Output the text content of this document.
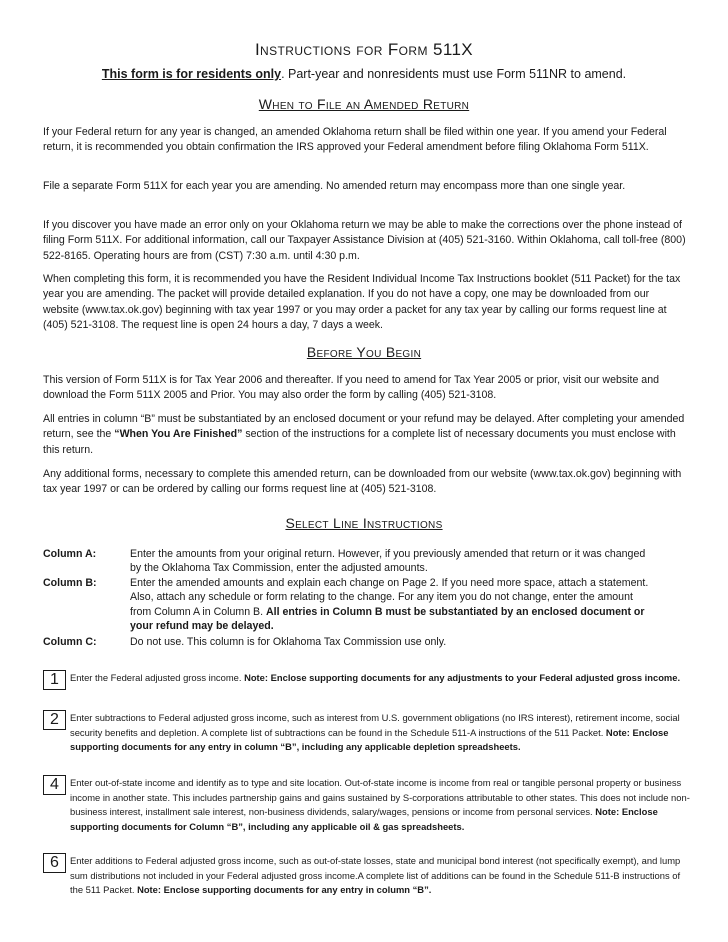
Instructions for Form 511X
This form is for residents only. Part-year and nonresidents must use Form 511NR to amend.
When to File an Amended Return
If your Federal return for any year is changed, an amended Oklahoma return shall be filed within one year. If you amend your Federal return, it is recommended you obtain confirmation the IRS approved your Federal amendment before filing Oklahoma Form 511X.
File a separate Form 511X for each year you are amending. No amended return may encompass more than one single year.
If you discover you have made an error only on your Oklahoma return we may be able to make the corrections over the phone instead of filing Form 511X. For additional information, call our Taxpayer Assistance Division at (405) 521-3160. Within Oklahoma, call toll-free (800) 522-8165. Operating hours are from (CST) 7:30 a.m. until 4:30 p.m.
When completing this form, it is recommended you have the Resident Individual Income Tax Instructions booklet (511 Packet) for the tax year you are amending. The packet will provide detailed explanation. If you do not have a copy, one may be downloaded from our website (www.tax.ok.gov) beginning with tax year 1997 or you may order a packet for any tax year by calling our forms request line at (405) 521-3108. The request line is open 24 hours a day, 7 days a week.
Before You Begin
This version of Form 511X is for Tax Year 2006 and thereafter. If you need to amend for Tax Year 2005 or prior, visit our website and download the Form 511X 2005 and Prior. You may also order the form by calling (405) 521-3108.
All entries in column “B” must be substantiated by an enclosed document or your refund may be delayed. After completing your amended return, see the “When You Are Finished” section of the instructions for a complete list of necessary documents you must enclose with this return.
Any additional forms, necessary to complete this amended return, can be downloaded from our website (www.tax.ok.gov) beginning with tax year 1997 or can be ordered by calling our forms request line at (405) 521-3108.
Select Line Instructions
Column A:	Enter the amounts from your original return. However, if you previously amended that return or it was changed by the Oklahoma Tax Commission, enter the adjusted amounts.
Column B:	Enter the amended amounts and explain each change on Page 2. If you need more space, attach a statement. Also, attach any schedule or form relating to the change. For any item you do not change, enter the amount from Column A in Column B. All entries in Column B must be substantiated by an enclosed document or your refund may be delayed.
Column C:	Do not use. This column is for Oklahoma Tax Commission use only.
1	Enter the Federal adjusted gross income. Note: Enclose supporting documents for any adjustments to your Federal adjusted gross income.
2	Enter subtractions to Federal adjusted gross income, such as interest from U.S. government obligations (no IRS interest), retirement income, social security benefits and depletion. A complete list of subtractions can be found in the Schedule 511-A instructions of the 511 Packet. Note: Enclose supporting documents for any entry in column “B”, including any applicable depletion spreadsheets.
4	Enter out-of-state income and identify as to type and site location. Out-of-state income is income from real or tangible personal property or business income in another state. This includes partnership gains and gains sustained by S-corporations attributable to other states. This does not include non-business interest, installment sale interest, non-business dividends, salary/wages, pensions or income from personal services. Note: Enclose supporting documents for Column “B”, including any applicable oil & gas spreadsheets.
6	Enter additions to Federal adjusted gross income, such as out-of-state losses, state and municipal bond interest (not specifically exempt), and lump sum distributions not included in your Federal adjusted gross income.A complete list of additions can be found in the Schedule 511-B instructions of the 511 Packet. Note: Enclose supporting documents for any entry in column “B”.
